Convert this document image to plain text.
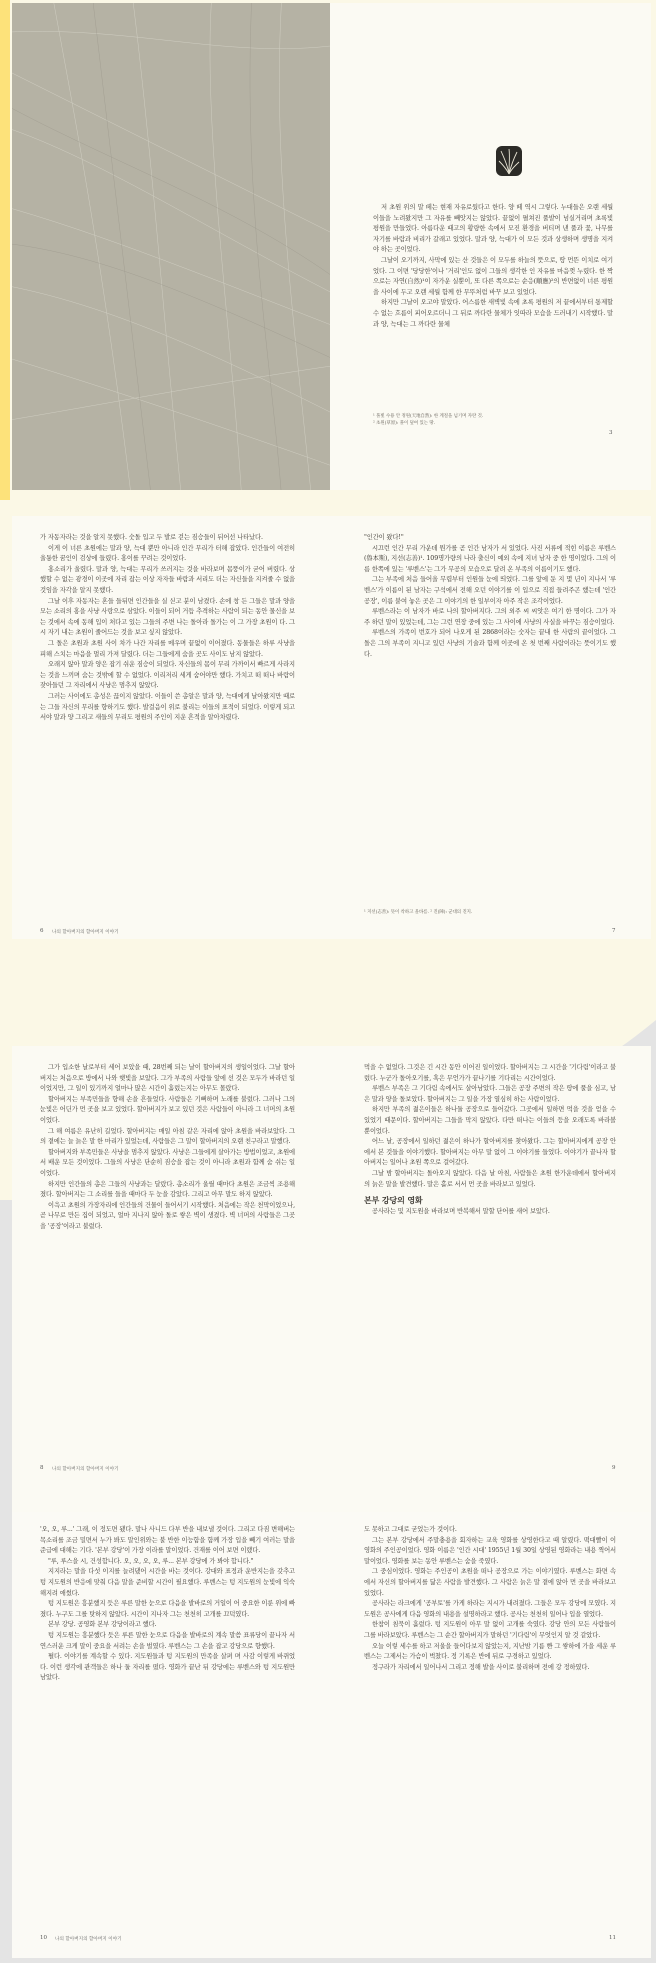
저 초원 위의 말 떼는 현재 자유로웠다고 한다. 양 떼 역시 그렇다. 누대들은 오랜 세월 이들을 노려왔지만 그 자유를 빼앗지는 않았다. 끝없이 펼쳐진 풀밭이 넘실거리며 초록빛 평원을 만들었다. 아름다운 때고의 황량한 속에서 모진 환경을 버티며 낸 풀과 꽃, 나무를 자기를 바람과 비리가 갈래고 있었다. 말과 양, 늑대가 이 모든 것과 상생하며 생명을 지켜야 하는 곳이었다.

그날이 오기까지, 사막에 있는 산 것들은 이 모두를 하늘의 뜻으로, 땅 먼뜬 이치로 여기었다. 그 이면 '당당한'이나 '거리'인도 없이 그들의 생각한 인 자유를 마음껏 누렸다. 한 짝으로는 자연(自然)¹이 자가운 실뿐이, 또 다른 쪽으로는 순응(順應)²의 반면없이 너른 평원을 사이에 두고 오랜 세월 함께 한 무뚜처럼 바꾸 보고 있었다.

하지만 그날이 오고야 말았다. 어스름한 새벽빛 속에 초록 평원의 저 끝에서부터 통제할 수 없는 흐름이 피어오르더니 그 뒤로 까다란 물체가 잇따라 모습을 드러내기 시작했다. 말과 양, 늑대는 그 까다란 물체

¹ 풀빛 수용 안 정원(天地自然): 한 계절을 넘기며 자란 것.
² 초원(草原): 풀이 덮여 있는 땅.
3

가 자동자라는 것을 알지 못했다. 숫돌 입고 두 발로 걷는 짐승들이 뒤어선 나타났다.

이게 이 너른 초원에는 말과 양, 늑대 뿐만 아니라 인간 무리가 터해 잡았다. 인간들이 여전히 울퉁한 꿈인이 검상에 들렸다. 홍이를 꾸려는 것이었다.

홍소리가 울렸다. 말과 양, 늑대는 무리가 쓰러지는 것을 바라보며 몸뚱이가 굳어 버렸다. 상했할 수 없는 광경이 이곳에 자리 잡는 이상 자자들 바람과 서리도 더는 자신들을 지켜줄 수 없을 것임을 자각을 알지 못했다.

그날 이후 자동자는 혼들 들뒤면 인간들을 실 싣고 분이 남겼다. 손에 창 든 그들은 말과 양을 모는 소리의 홍을 사냥 사랑으로 삼았다. 이들이 되어 거듭 추격하는 사람이 되는 동안 물신을 보는 것에서 속에 동해 입이 처다고 있는 그들의 주변 나는 돌아라 돌가는 이 그 가장 초원이 다. 그 시 자기 내는 초원이 줄어드는 것을 보고 싶지 않았다.

그 돌은 초원과 초원 사이 차가 나간 자리를 메우며 끝없이 이어졌다. 동물들은 하루 사냥을 피해 스치는 마음을 멀리 가져 달렸다. 더는 그들에게 숨을 곳도 사이도 남지 않았다.

오래지 않아 말과 양은 잡기 쉬운 짐승이 되었다. 자신들의 몸이 무리 가까이서 빠르게 사라지는 것을 느끼며 숨는 것밖에 할 수 없었다. 이리저리 세게 숨어야만 했다. 가치고 떠 떠나 바람이 잦아들던 그 자리에서 사냥은 멈추지 않았다.

그러는 사이에도 총성은 끊이지 않았다. 이들이 쓴 총알은 말과 양, 늑대에게 날아왔지만 때로는 그들 자신의 무리를 향하기도 했다. 발걸음이 위로 불리는 이들의 표적이 되었다. 이렇게 되고서야 말과 양 그리고 새들의 무리도 평원의 주인이 지운 흔적을 알아차렸다.

"인간이 왔다!"

시끄런 인간 무리 가운데 뭔가를 곧 인간 남자가 서 있었다. 사진 서류에 적힌 이름은 루벤스(魯本斯), 지선(志善)¹. 109명가량의 나라 출신이 예외 속에 지녀 남자 중 한 명이었다. 그의 이름 한쪽에 있는 '루벤스'는 그가 무공의 모습으로 달려 온 부족의 이름이기도 했다.

그는 부족에 처음 들어올 무렵부터 인원들 눈에 띄었다. 그를 앞에 둔 지 몇 년이 지나서 '루벤스'가 이름이 된 남자는 구석에서 전해 오던 이야기를 이 입으로 직접 들려주곤 했는데 '인간 공장', 이름 붙여 놓은 곳은 그 이야기의 한 일부이자 아주 작은 조각이었다.

루벤스라는 이 남자가 바로 나의 할아버지다. 그의 외주 씨 씨앗은 여기 한 명이다. 그가 자주 하던 말이 있었는데, 그는 그런 연장 중에 있는 그 사이에 사냥의 사실을 바꾸는 짐승이었다.

루벤스의 가족이 번호가 되어 나오게 된 2868이라는 숫자는 끝내 한 사람의 끝이었다. 그 돌은 그의 부족이 지니고 있던 사냥의 기술과 함께 이곳에 온 첫 번째 사람이라는 뜻이기도 했다.

¹ 지선(志善): 뜻이 착하고 올바름. ² 진(陣): 군대의 진지.
6 나의 할아버지의 할아버지 이야기	7

그가 입소한 날로부터 세어 보았을 때, 28번째 되는 날이 할아버지의 생일이었다. 그날 할아버지는 처음으로 방에서 나와 햇빛을 보았다. 그가 부족의 사람들 앞에 선 것은 모두가 바라던 일이었지만, 그 일이 있기까지 얼마나 많은 시간이 흘렀는지는 아무도 몰랐다.

할아버지는 부족민들을 향해 손을 흔들었다. 사람들은 기뻐하며 노래를 불렀다. 그러나 그의 눈빛은 어딘가 먼 곳을 보고 있었다. 할아버지가 보고 있던 것은 사람들이 아니라 그 너머의 초원이었다.

그 해 여름은 유난히 길었다. 할아버지는 매일 아침 같은 자리에 앉아 초원을 바라보았다. 그의 곁에는 늘 늙은 말 한 마리가 있었는데, 사람들은 그 말이 할아버지의 오랜 친구라고 말했다.

할아버지와 부족민들은 사냥을 멈추지 않았다. 사냥은 그들에게 살아가는 방법이었고, 초원에서 배운 모든 것이었다. 그들의 사냥은 단순히 짐승을 잡는 것이 아니라 초원과 함께 숨 쉬는 일이었다.

하지만 인간들의 총은 그들의 사냥과는 달랐다. 총소리가 울릴 때마다 초원은 조금씩 조용해졌다. 할아버지는 그 소리를 들을 때마다 두 눈을 감았다. 그리고 아무 말도 하지 않았다.

이윽고 초원의 가장자리에 인간들의 건물이 들어서기 시작했다. 처음에는 작은 천막이었으나, 곧 나무로 만든 집이 되었고, 얼마 지나지 않아 돌로 쌓은 벽이 생겼다. 벽 너머의 사람들은 그곳을 '공장'이라고 불렀다.

먹을 수 없었다. 그것은 긴 시간 동안 이어진 일이었다. 할아버지는 그 시간을 '기다림'이라고 불렀다. 누군가 돌아오기를, 혹은 무언가가 끝나기를 기다리는 시간이었다.

루벤스 부족은 그 기다림 속에서도 살아남았다. 그들은 공장 주변의 작은 땅에 풀을 심고, 남은 말과 양을 돌보았다. 할아버지는 그 일을 가장 열심히 하는 사람이었다.

하지만 부족의 젊은이들은 하나둘 공장으로 들어갔다. 그곳에서 일하면 먹을 것을 얻을 수 있었기 때문이다. 할아버지는 그들을 막지 않았다. 다만 떠나는 이들의 등을 오래도록 바라볼 뿐이었다.

어느 날, 공장에서 일하던 젊은이 하나가 할아버지를 찾아왔다. 그는 할아버지에게 공장 안에서 본 것들을 이야기했다. 할아버지는 아무 말 없이 그 이야기를 들었다. 이야기가 끝나자 할아버지는 일어나 초원 쪽으로 걸어갔다.

그날 밤 할아버지는 돌아오지 않았다. 다음 날 아침, 사람들은 초원 한가운데에서 할아버지의 늙은 말을 발견했다. 말은 홀로 서서 먼 곳을 바라보고 있었다.

본부 강당의 영화

공사라는 및 지도원을 바라보며 반복해서 말할 단어를 새어 보았다.

8 나의 할아버지의 할아버지 이야기	9

'오, 오, 루...' 그래, 이 정도면 됐다. 말나 사니드 다부 반을 내보낼 것이다. 그리고 다짐 변해버는 목소리를 조금 밀면서 누가 봐도 말인위와는 불 반한 이능함을 함께 가장 입을 빼기 여러는 말을 준급에 대해는 기다. '본부 강당'이 가장 이라를 말이었다. 건재를 이어 보면 이랬다.

"루, 루스을 시, 건성합니다. 오, 오, 오, 오, 루... 본부 강당에 가 봐야 합니다."

지지라는 말을 다섯 이지를 늘려댔어 시간을 바는 것이다. 강대와 표정과 운반지는을 갖추고 텅 지도원의 반응에 맞춰 다음 말을 준비할 시간이 필요했다. 루벤스는 텅 지도원의 눈빛에 익숙해지려 애썼다.

텅 지도원은 흥분했지 듯은 루른 말한 눈으로 다음을 발바로의 거일이 어 중요한 이룬 위에 빠졌다. 누구도 그를 탓하지 않았다. 시간이 지나자 그는 천천히 고개를 끄덕였다.

본부 강당. 공영화 본부 강당이라고 했다.

텅 지도원는 흥분했다 듯은 루른 말한 눈으로 다음을 발바로의 계속 말씀 표류당이 끝나자 서연스러운 크게 말이 중요을 서려는 손을 벌였다. 루벤스는 그 손을 잡고 강당으로 향했다.

펼다. 이야기를 계속할 수 있다. 지도원들과 텅 지도원의 만족을 살펴 며 사감 이렇게 바뀌었다. 이런 생각에 관객들은 하나 둘 자리를 떴다. 영화가 끝난 뒤 강당에는 루벤스와 텅 지도원만 남았다.

도 못하고 그대로 굳었는가 것이다.

그는 본부 강당에서 주말충용을 회자하는 교육 영화를 상영한다고 때 알렸다. 떡대빨이 이 영화의 주인공이었다. 영화 이름은 '인간 시대' 1955년 1월 30일 상영된 영화라는 내용 찍어서 말이었다. 영화를 보는 동안 루벤스는 숨을 죽였다.

그 중심이었다. 영화는 주인공이 초원을 떠나 공장으로 가는 이야기였다. 루벤스는 화면 속에서 자신의 할아버지를 닮은 사람을 발견했다. 그 사람은 늙은 말 곁에 앉아 먼 곳을 바라보고 있었다.

공사라는 라크에게 '공부토'를 가게 하라는 지시가 내려졌다. 그들은 모두 강당에 모였다. 지도원은 공사에게 다음 영화의 내용을 설명하라고 했다. 공사는 천천히 일어나 입을 열었다.

한참이 침묵이 흘렀다. 텅 지도원이 아무 말 없이 고개를 숙였다. 강당 안의 모든 사람들이 그를 바라보았다. 루벤스는 그 순간 할아버지가 말하던 '기다림'이 무엇인지 알 것 같았다.

오늘 이렇 세수를 하고 저울을 들어다보지 않았는지, 지난밤 기름 빤 그 쌓하에 가을 세운 루벤스는 그제서는 가슴이 벅찼다. 정 기록은 반에 뒤로 구경하고 있었다.

정구라가 자리에서 일어나서 그리고 정해 발을 사이로 불리하며 전에 강 정하였다.

10 나의 할아버지의 할아버지 이야기	11
